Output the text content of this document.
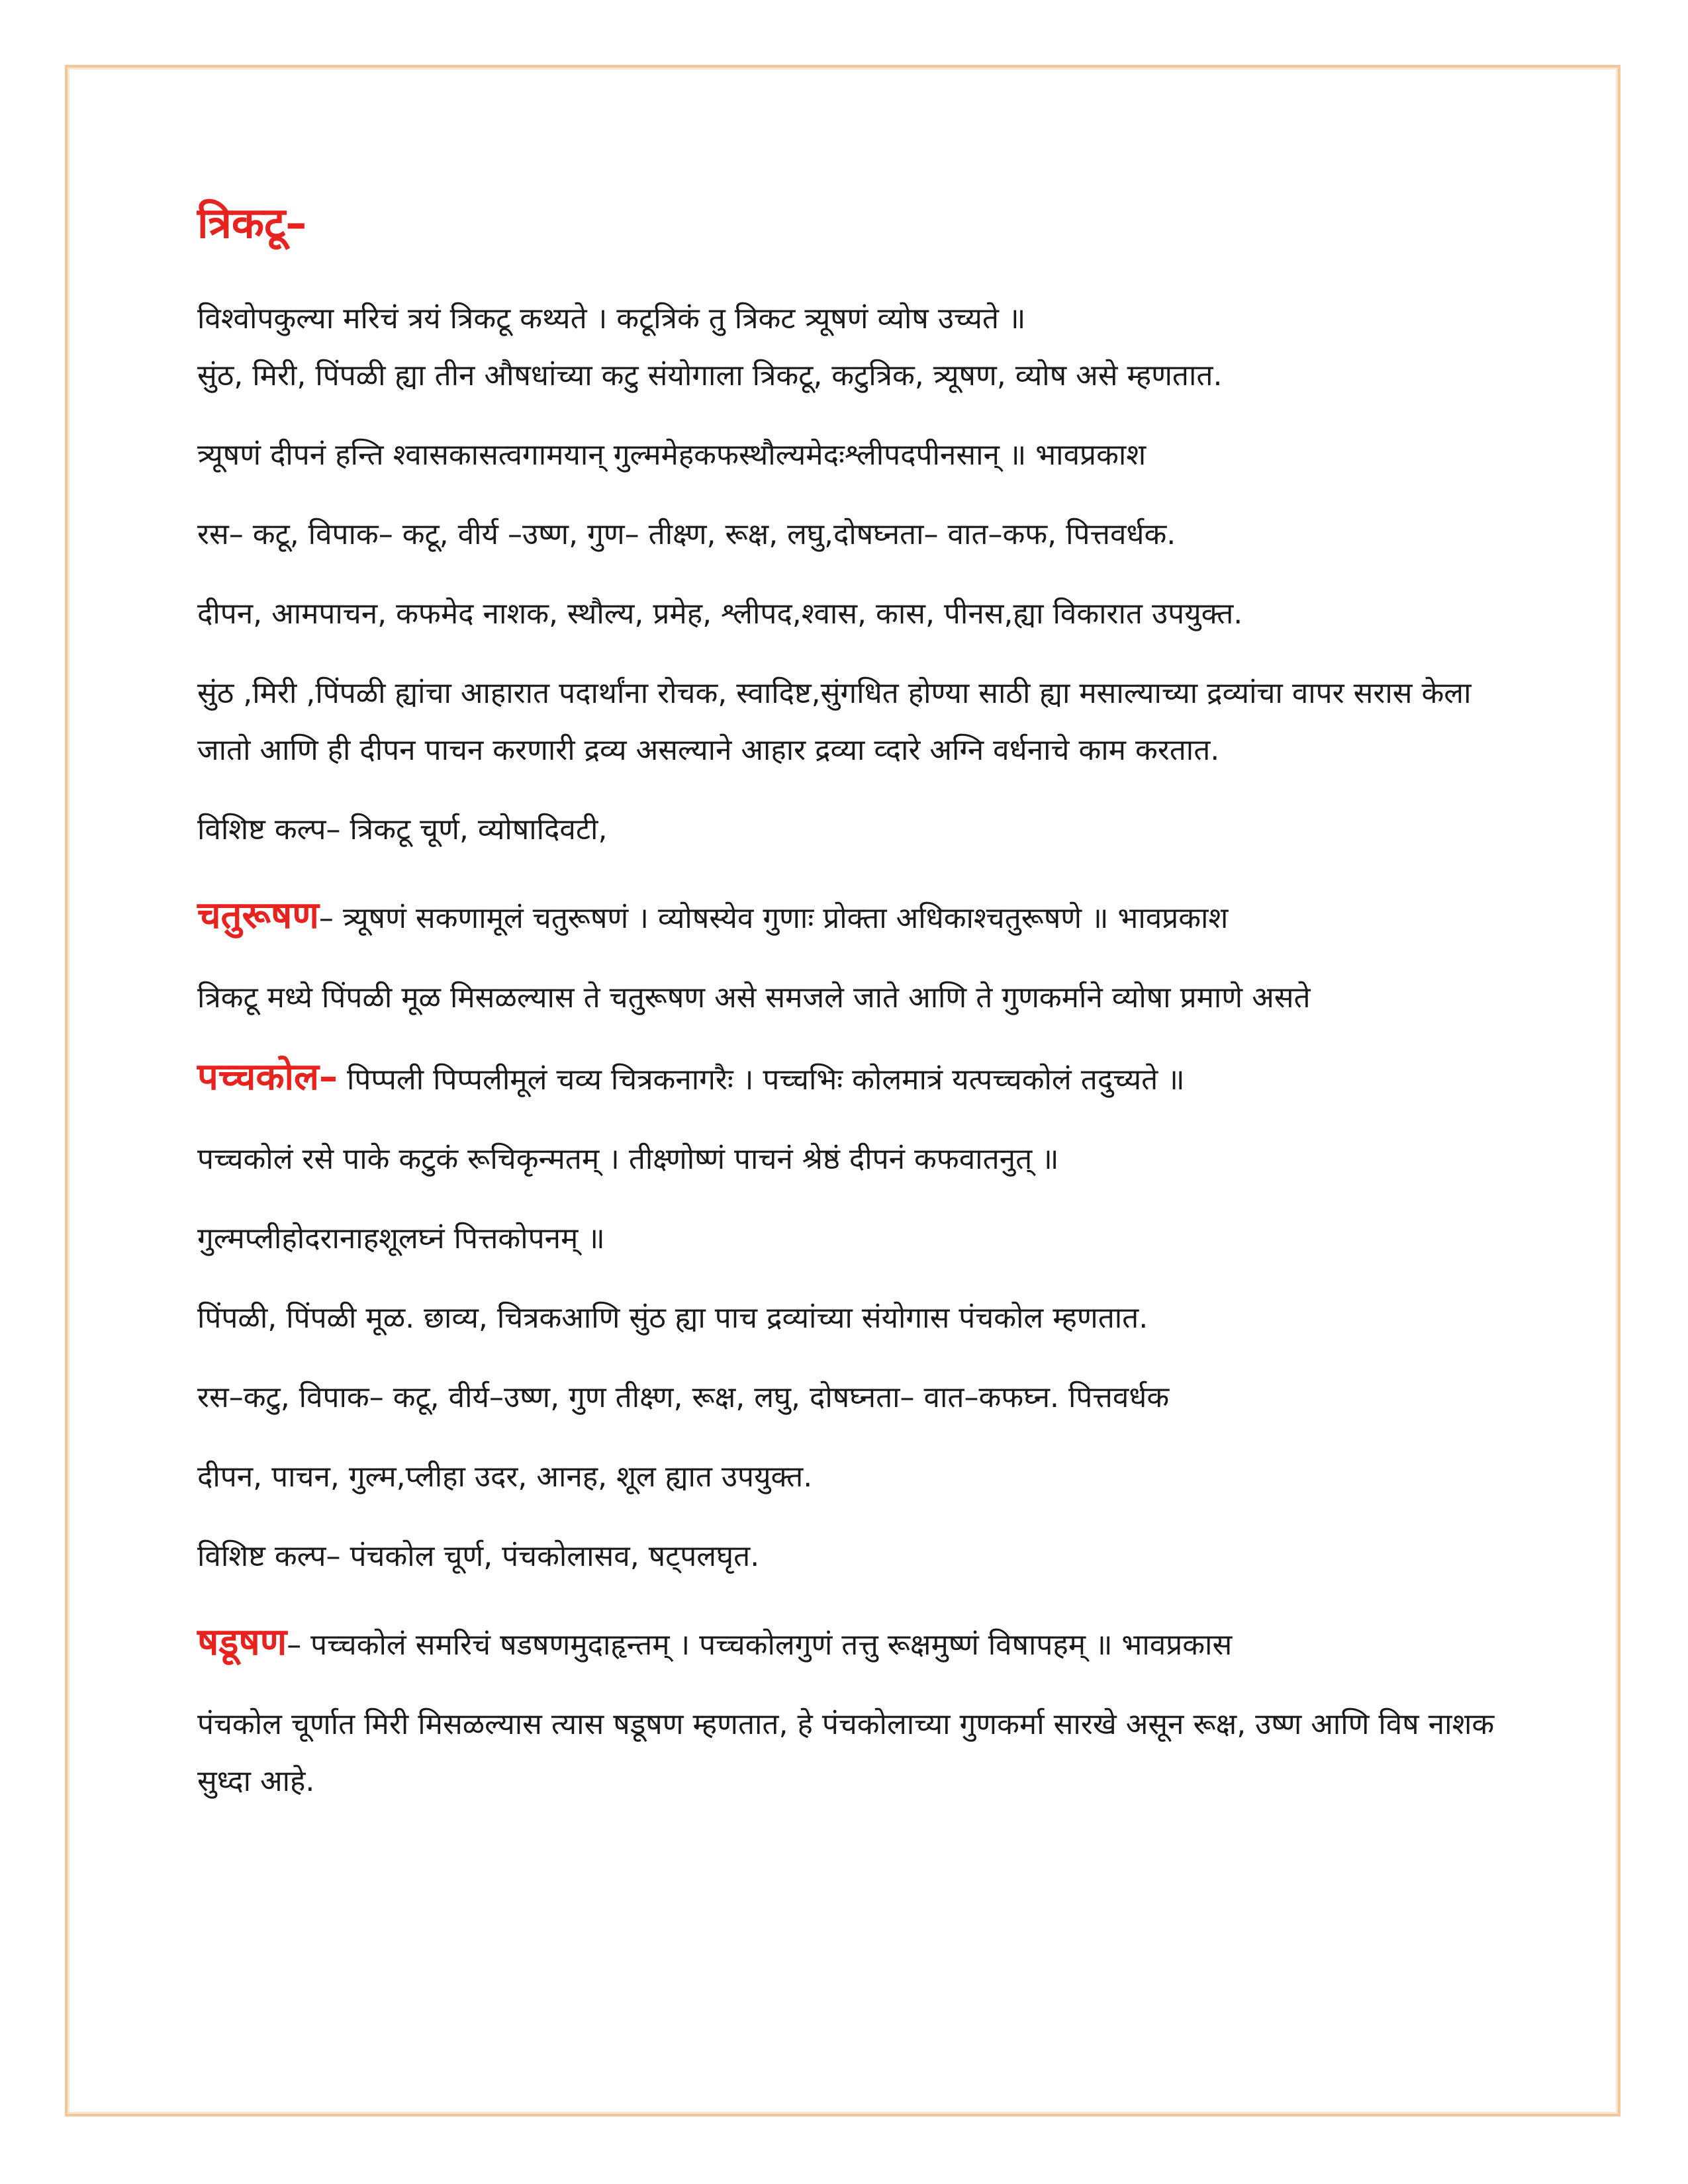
त्रिकटू–

विश्वोपकुल्या मरिचं त्रयं त्रिकटू कथ्यते । कटूत्रिकं तु त्रिकट त्र्यूषणं व्योष उच्यते ॥

सुंठ, मिरी, पिंपळी ह्या तीन औषधांच्या कटु संयोगाला त्रिकटू, कटुत्रिक, त्र्यूषण, व्योष असे म्हणतात.

त्र्यूषणं दीपनं हन्ति श्वासकासत्वगामयान् गुल्ममेहकफस्थौल्यमेदःश्लीपदपीनसान् ॥ भावप्रकाश

रस– कटू, विपाक– कटू, वीर्य –उष्ण, गुण– तीक्ष्ण, रूक्ष, लघु,दोषघ्नता– वात–कफ, पित्तवर्धक.

दीपन, आमपाचन, कफमेद नाशक, स्थौल्य, प्रमेह, श्लीपद,श्वास, कास, पीनस,ह्या विकारात उपयुक्त.

सुंठ ,मिरी ,पिंपळी ह्यांचा आहारात पदार्थांना रोचक, स्वादिष्ट,सुंगधित होण्या साठी ह्या मसाल्याच्या द्रव्यांचा वापर सरास केला जातो आणि ही दीपन पाचन करणारी द्रव्य असल्याने आहार द्रव्या व्दारे अग्नि वर्धनाचे काम करतात.

विशिष्ट कल्प– त्रिकटू चूर्ण, व्योषादिवटी,

चतुरूषण– त्र्यूषणं सकणामूलं चतुरूषणं । व्योषस्येव गुणाः प्रोक्ता अधिकाश्चतुरूषणे ॥ भावप्रकाश

त्रिकटू मध्ये पिंपळी मूळ मिसळल्यास ते चतुरूषण असे समजले जाते आणि ते गुणकर्माने व्योषा प्रमाणे असते

पच्चकोल– पिप्पली पिप्पलीमूलं चव्य चित्रकनागरैः । पच्चभिः कोलमात्रं यत्पच्चकोलं तदुच्यते ॥

पच्चकोलं रसे पाके कटुकं रूचिकृन्मतम् । तीक्ष्णोष्णं पाचनं श्रेष्ठं दीपनं कफवातनुत् ॥

गुल्मप्लीहोदरानाहशूलघ्नं पित्तकोपनम् ॥

पिंपळी, पिंपळी मूळ. छाव्य, चित्रकआणि सुंठ ह्या पाच द्रव्यांच्या संयोगास पंचकोल म्हणतात.

रस–कटु, विपाक– कटू, वीर्य–उष्ण, गुण तीक्ष्ण, रूक्ष, लघु, दोषघ्नता– वात–कफघ्न. पित्तवर्धक

दीपन, पाचन, गुल्म,प्लीहा उदर, आनह, शूल ह्यात उपयुक्त.

विशिष्ट कल्प– पंचकोल चूर्ण, पंचकोलासव, षट्पलघृत.

षडूषण– पच्चकोलं समरिचं षडषणमुदाहृन्तम् । पच्चकोलगुणं तत्तु रूक्षमुष्णं विषापहम् ॥ भावप्रकास

पंचकोल चूर्णात मिरी मिसळल्यास त्यास षडूषण म्हणतात, हे पंचकोलाच्या गुणकर्मा सारखे असून रूक्ष, उष्ण आणि विष नाशक सुध्दा आहे.
